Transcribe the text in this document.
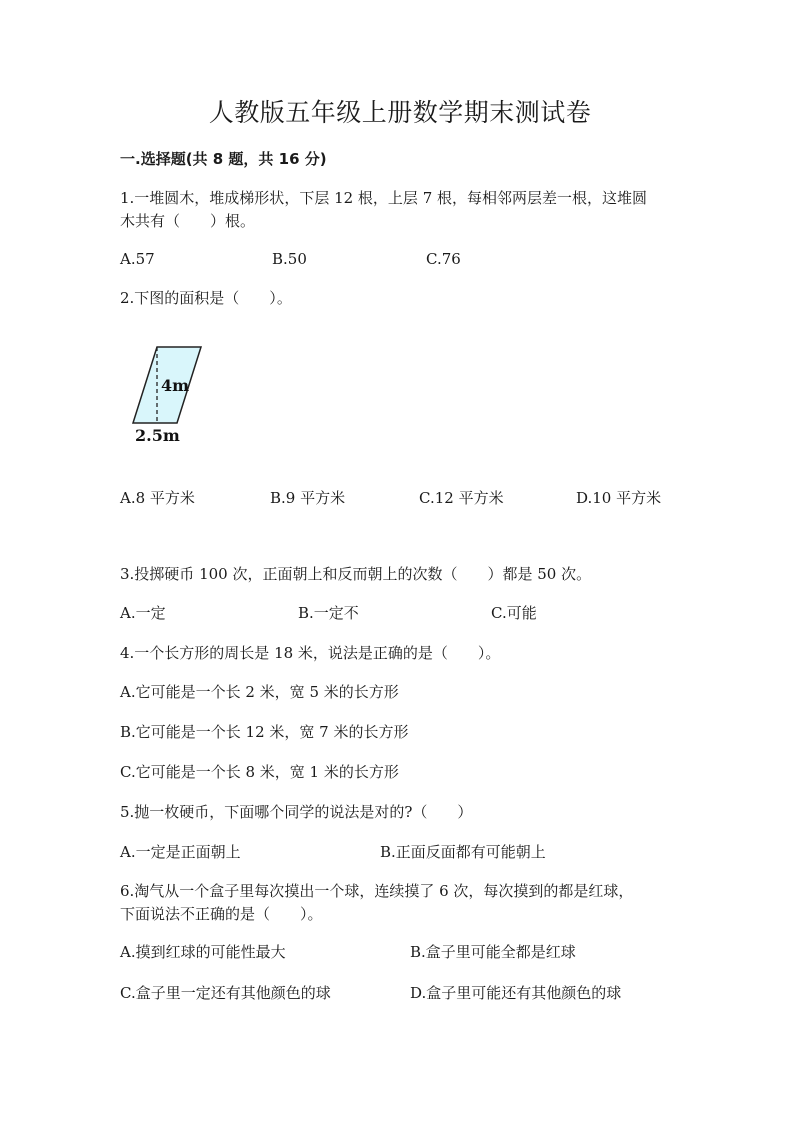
人教版五年级上册数学期末测试卷
一.选择题(共 8 题，共 16 分)
1.一堆圆木，堆成梯形状，下层 12 根，上层 7 根，每相邻两层差一根，这堆圆
木共有（　　）根。
A.57	B.50	C.76
2.下图的面积是（　　）。
4m
2.5m
A.8 平方米	B.9 平方米	C.12 平方米	D.10 平方米
3.投掷硬币 100 次，正面朝上和反而朝上的次数（　　）都是 50 次。
A.一定	B.一定不	C.可能
4.一个长方形的周长是 18 米，说法是正确的是（　　）。
A.它可能是一个长 2 米，宽 5 米的长方形
B.它可能是一个长 12 米，宽 7 米的长方形
C.它可能是一个长 8 米，宽 1 米的长方形
5.抛一枚硬币，下面哪个同学的说法是对的?（　　）
A.一定是正面朝上	B.正面反面都有可能朝上
6.淘气从一个盒子里每次摸出一个球，连续摸了 6 次，每次摸到的都是红球，
下面说法不正确的是（　　）。
A.摸到红球的可能性最大	B.盒子里可能全都是红球
C.盒子里一定还有其他颜色的球	D.盒子里可能还有其他颜色的球
